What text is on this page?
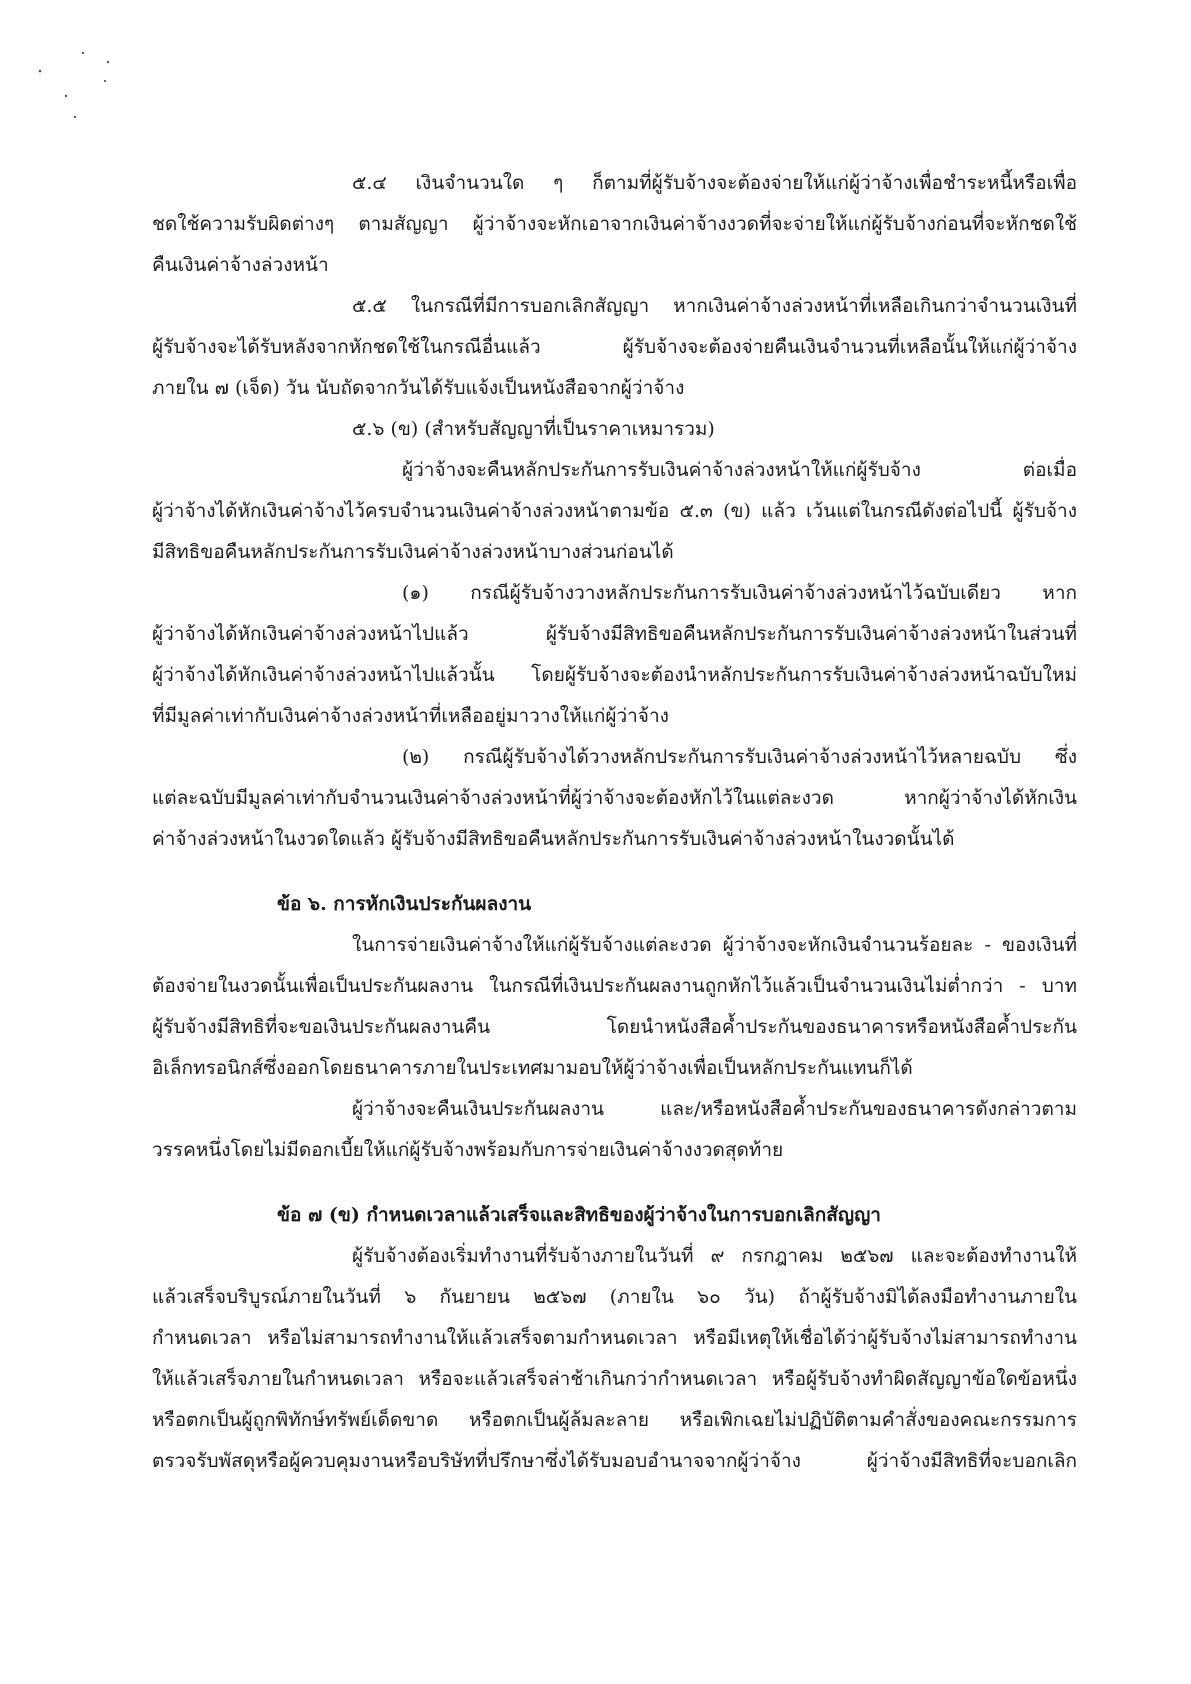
๕.๔ เงินจำนวนใด ๆ ก็ตามที่ผู้รับจ้างจะต้องจ่ายให้แก่ผู้ว่าจ้างเพื่อชำระหนี้หรือเพื่อ
ชดใช้ความรับผิดต่างๆ ตามสัญญา ผู้ว่าจ้างจะหักเอาจากเงินค่าจ้างงวดที่จะจ่ายให้แก่ผู้รับจ้างก่อนที่จะหักชดใช้
คืนเงินค่าจ้างล่วงหน้า
๕.๕ ในกรณีที่มีการบอกเลิกสัญญา หากเงินค่าจ้างล่วงหน้าที่เหลือเกินกว่าจำนวนเงินที่
ผู้รับจ้างจะได้รับหลังจากหักชดใช้ในกรณีอื่นแล้ว ผู้รับจ้างจะต้องจ่ายคืนเงินจำนวนที่เหลือนั้นให้แก่ผู้ว่าจ้าง
ภายใน ๗ (เจ็ด) วัน นับถัดจากวันได้รับแจ้งเป็นหนังสือจากผู้ว่าจ้าง
๕.๖ (ข) (สำหรับสัญญาที่เป็นราคาเหมารวม)
ผู้ว่าจ้างจะคืนหลักประกันการรับเงินค่าจ้างล่วงหน้าให้แก่ผู้รับจ้าง ต่อเมื่อ
ผู้ว่าจ้างได้หักเงินค่าจ้างไว้ครบจำนวนเงินค่าจ้างล่วงหน้าตามข้อ ๕.๓ (ข) แล้ว เว้นแต่ในกรณีดังต่อไปนี้ ผู้รับจ้าง
มีสิทธิขอคืนหลักประกันการรับเงินค่าจ้างล่วงหน้าบางส่วนก่อนได้
(๑) กรณีผู้รับจ้างวางหลักประกันการรับเงินค่าจ้างล่วงหน้าไว้ฉบับเดียว หาก
ผู้ว่าจ้างได้หักเงินค่าจ้างล่วงหน้าไปแล้ว ผู้รับจ้างมีสิทธิขอคืนหลักประกันการรับเงินค่าจ้างล่วงหน้าในส่วนที่
ผู้ว่าจ้างได้หักเงินค่าจ้างล่วงหน้าไปแล้วนั้น โดยผู้รับจ้างจะต้องนำหลักประกันการรับเงินค่าจ้างล่วงหน้าฉบับใหม่
ที่มีมูลค่าเท่ากับเงินค่าจ้างล่วงหน้าที่เหลืออยู่มาวางให้แก่ผู้ว่าจ้าง
(๒) กรณีผู้รับจ้างได้วางหลักประกันการรับเงินค่าจ้างล่วงหน้าไว้หลายฉบับ ซึ่ง
แต่ละฉบับมีมูลค่าเท่ากับจำนวนเงินค่าจ้างล่วงหน้าที่ผู้ว่าจ้างจะต้องหักไว้ในแต่ละงวด หากผู้ว่าจ้างได้หักเงิน
ค่าจ้างล่วงหน้าในงวดใดแล้ว ผู้รับจ้างมีสิทธิขอคืนหลักประกันการรับเงินค่าจ้างล่วงหน้าในงวดนั้นได้
ข้อ ๖. การหักเงินประกันผลงาน
ในการจ่ายเงินค่าจ้างให้แก่ผู้รับจ้างแต่ละงวด ผู้ว่าจ้างจะหักเงินจำนวนร้อยละ - ของเงินที่
ต้องจ่ายในงวดนั้นเพื่อเป็นประกันผลงาน ในกรณีที่เงินประกันผลงานถูกหักไว้แล้วเป็นจำนวนเงินไม่ต่ำกว่า - บาท
ผู้รับจ้างมีสิทธิที่จะขอเงินประกันผลงานคืน โดยนำหนังสือค้ำประกันของธนาคารหรือหนังสือค้ำประกัน
อิเล็กทรอนิกส์ซึ่งออกโดยธนาคารภายในประเทศมามอบให้ผู้ว่าจ้างเพื่อเป็นหลักประกันแทนก็ได้
ผู้ว่าจ้างจะคืนเงินประกันผลงาน และ/หรือหนังสือค้ำประกันของธนาคารดังกล่าวตาม
วรรคหนึ่งโดยไม่มีดอกเบี้ยให้แก่ผู้รับจ้างพร้อมกับการจ่ายเงินค่าจ้างงวดสุดท้าย
ข้อ ๗ (ข) กำหนดเวลาแล้วเสร็จและสิทธิของผู้ว่าจ้างในการบอกเลิกสัญญา
ผู้รับจ้างต้องเริ่มทำงานที่รับจ้างภายในวันที่ ๙ กรกฎาคม ๒๕๖๗ และจะต้องทำงานให้
แล้วเสร็จบริบูรณ์ภายในวันที่ ๖ กันยายน ๒๕๖๗ (ภายใน ๖๐ วัน) ถ้าผู้รับจ้างมิได้ลงมือทำงานภายใน
กำหนดเวลา หรือไม่สามารถทำงานให้แล้วเสร็จตามกำหนดเวลา หรือมีเหตุให้เชื่อได้ว่าผู้รับจ้างไม่สามารถทำงาน
ให้แล้วเสร็จภายในกำหนดเวลา หรือจะแล้วเสร็จล่าช้าเกินกว่ากำหนดเวลา หรือผู้รับจ้างทำผิดสัญญาข้อใดข้อหนึ่ง
หรือตกเป็นผู้ถูกพิทักษ์ทรัพย์เด็ดขาด หรือตกเป็นผู้ล้มละลาย หรือเพิกเฉยไม่ปฏิบัติตามคำสั่งของคณะกรรมการ
ตรวจรับพัสดุหรือผู้ควบคุมงานหรือบริษัทที่ปรึกษาซึ่งได้รับมอบอำนาจจากผู้ว่าจ้าง ผู้ว่าจ้างมีสิทธิที่จะบอกเลิก
